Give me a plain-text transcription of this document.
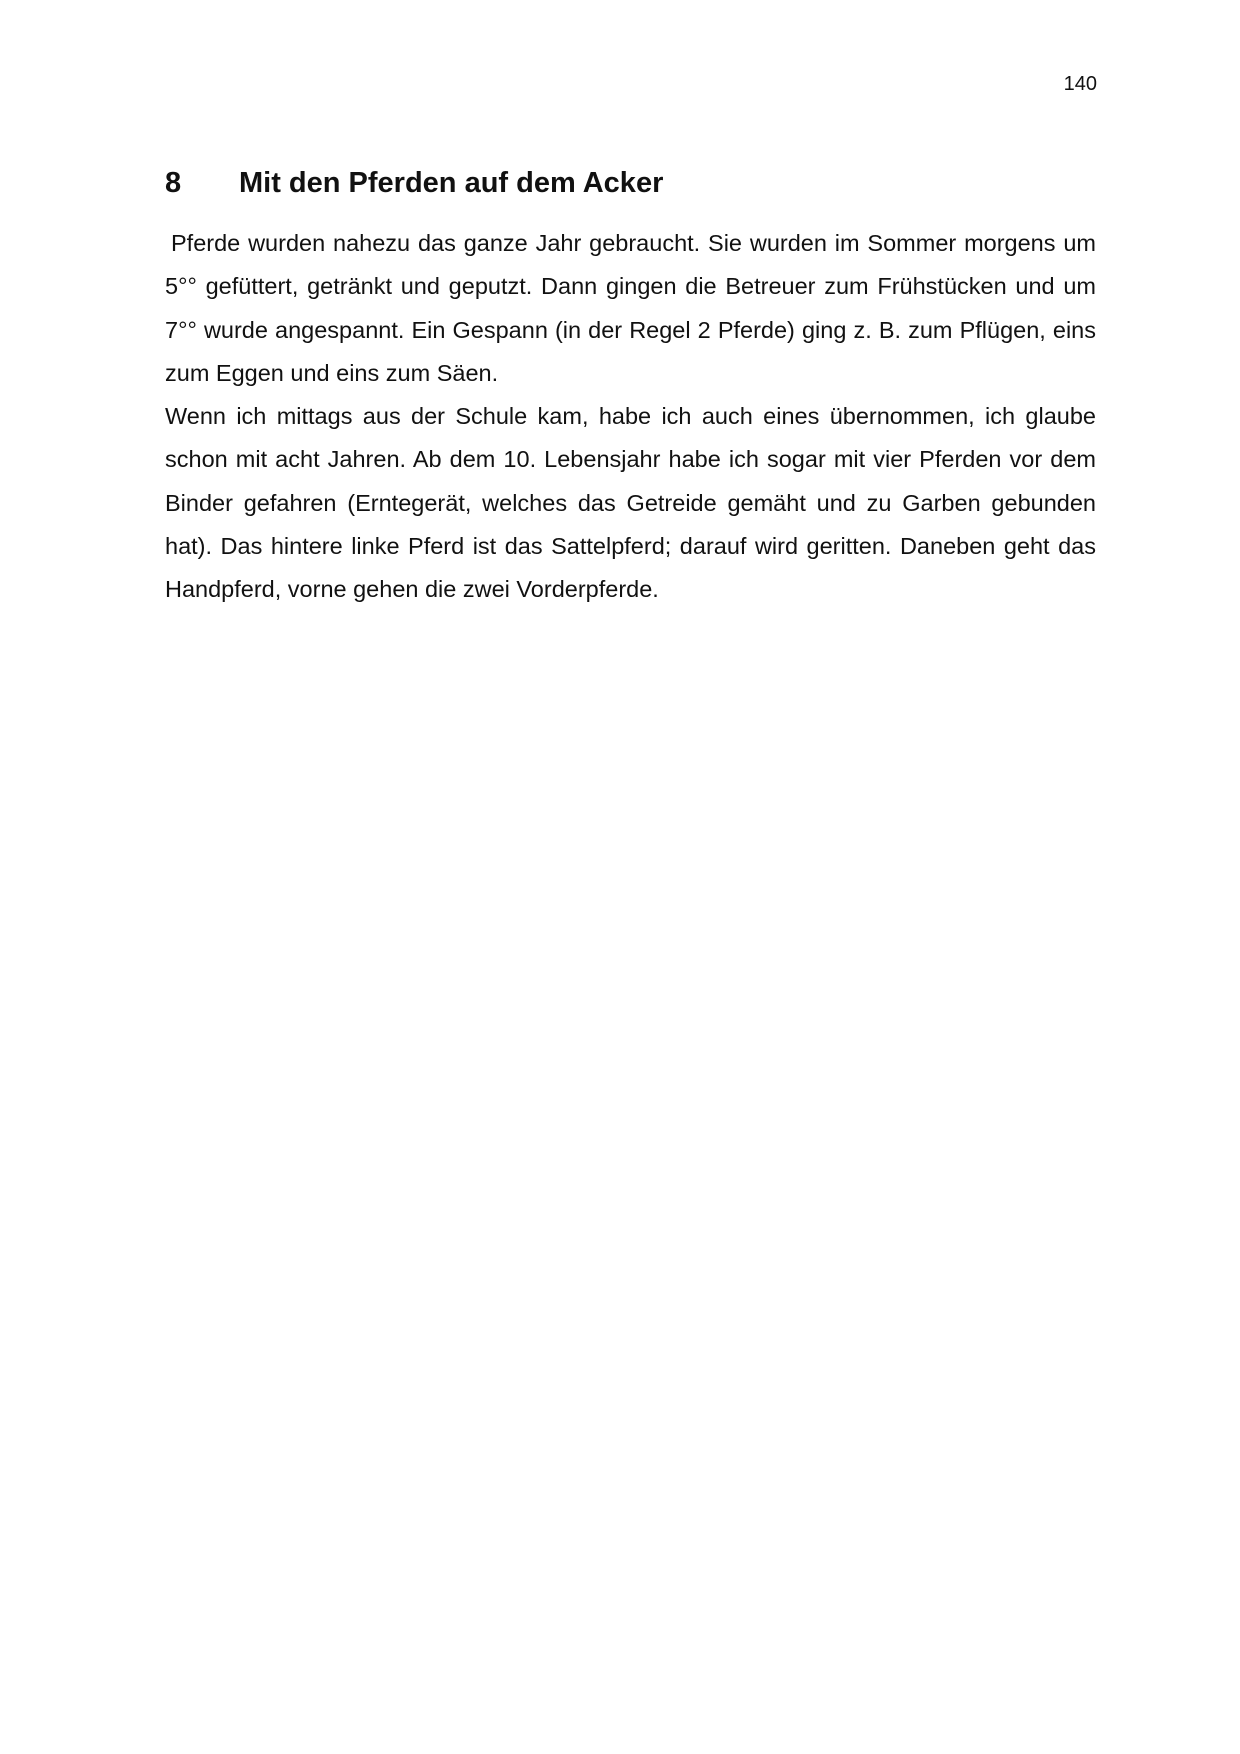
140
8 Mit den Pferden auf dem Acker

Pferde wurden nahezu das ganze Jahr gebraucht. Sie wurden im Sommer morgens um 5°° gefüttert, getränkt und geputzt. Dann gingen die Betreuer zum Frühstücken und um 7°° wurde angespannt. Ein Gespann (in der Regel 2 Pferde) ging z. B. zum Pflügen, eins zum Eggen und eins zum Säen.

Wenn ich mittags aus der Schule kam, habe ich auch eines übernommen, ich glaube schon mit acht Jahren. Ab dem 10. Lebensjahr habe ich sogar mit vier Pferden vor dem Binder gefahren (Erntegerät, welches das Getreide gemäht und zu Garben gebunden hat). Das hintere linke Pferd ist das Sattelpferd; darauf wird geritten. Daneben geht das Handpferd, vorne gehen die zwei Vorderpferde.
